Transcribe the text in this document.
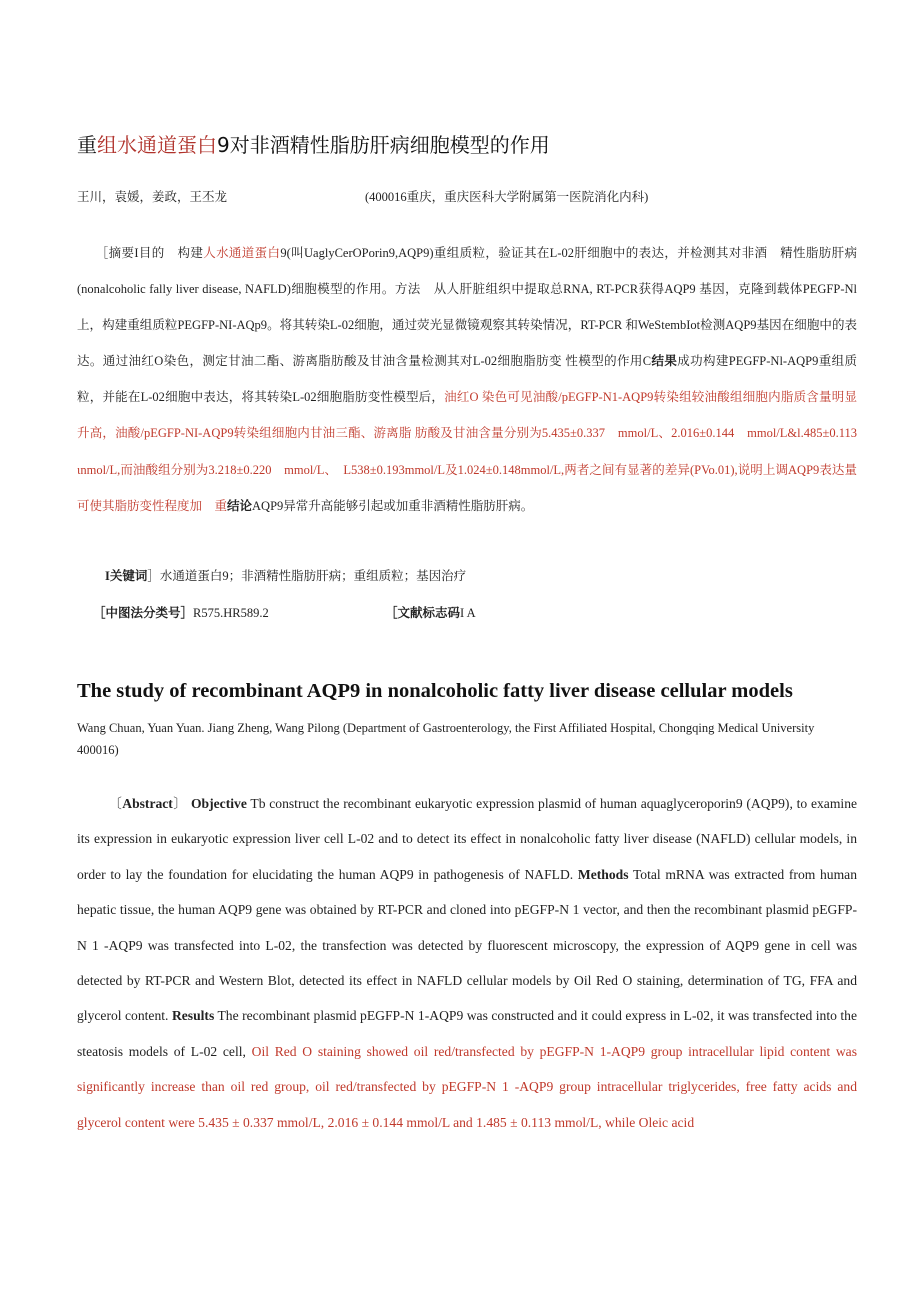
重组水通道蛋白9对非酒精性脂肪肝病细胞模型的作用
王川，袁媛，姜政，王丕龙	(400016重庆，重庆医科大学附属第一医院消化内科)
［摘要I目的　构建人水通道蛋白9(叫UaglyCerOPorin9,AQP9)重组质粒，验证其在L-02肝细胞中的表达，并检测其对非酒　精性脂肪肝病(nonalcoholic fally liver disease, NAFLD)细胞模型的作用。方法　从人肝脏组织中提取总RNA, RT-PCR获得AQP9 基因，克隆到载体PEGFP-Nl上，构建重组质粒PEGFP-NI-AQp9。将其转染L-02细胞，通过荧光显微镜观察其转染情况，RT-PCR 和WeStembIot检测AQP9基因在细胞中的表达。通过油红O染色，测定甘油二酯、游离脂肪酸及甘油含量检测其对L-02细胞脂肪变 性模型的作用C结果成功构建PEGFP-Nl-AQP9重组质粒，并能在L-02细胞中表达，将其转染L-02细胞脂肪变性模型后，油红O 染色可见油酸/pEGFP-N1-AQP9转染组较油酸组细胞内脂质含量明显升高，油酸/pEGFP-NI-AQP9转染组细胞内甘油三酯、游离脂 肪酸及甘油含量分别为5.435±0.337　mmol/L、2.016±0.144　mmol/L&l.485±0.113　ιnmol/L,而油酸组分别为3.218±0.220　mmol/L、　L538±0.193mmol/L及1.024±0.148mmol/L,两者之间有显著的差异(PVo.01),说明上调AQP9表达量可使其脂肪变性程度加　重结论AQP9异常升高能够引起或加重非酒精性脂肪肝病。
I关键词］水通道蛋白9；非酒精性脂肪肝病；重组质粒；基因治疗
［中图法分类号］R575.HR589.2	［文献标志码I A
The study of recombinant AQP9 in nonalcoholic fatty liver disease cellular models
Wang Chuan, Yuan Yuan. Jiang Zheng, Wang Pilong (Department of Gastroenterology, the First Affiliated Hospital, Chongqing Medical University 400016)
〔Abstract〕 Objective Tb construct the recombinant eukaryotic expression plasmid of human aquaglyceroporin9 (AQP9), to examine its expression in eukaryotic expression liver cell L-02 and to detect its effect in nonalcoholic fatty liver disease (NAFLD) cellular models, in order to lay the foundation for elucidating the human AQP9 in pathogenesis of NAFLD. Methods Total mRNA was extracted from human hepatic tissue, the human AQP9 gene was obtained by RT-PCR and cloned into pEGFP-N 1 vector, and then the recombinant plasmid pEGFP-N 1 -AQP9 was transfected into L-02, the transfection was detected by fluorescent microscopy, the expression of AQP9 gene in cell was detected by RT-PCR and Western Blot, detected its effect in NAFLD cellular models by Oil Red O staining, determination of TG, FFA and glycerol content. Results The recombinant plasmid pEGFP-N 1-AQP9 was constructed and it could express in L-02, it was transfected into the steatosis models of L-02 cell, Oil Red O staining showed oil red/transfected by pEGFP-N 1-AQP9 group intracellular lipid content was significantly increase than oil red group, oil red/transfected by pEGFP-N 1 -AQP9 group intracellular triglycerides, free fatty acids and glycerol content were 5.435 ± 0.337 mmol/L, 2.016 ± 0.144 mmol/L and 1.485 ± 0.113 mmol/L, while Oleic acid
